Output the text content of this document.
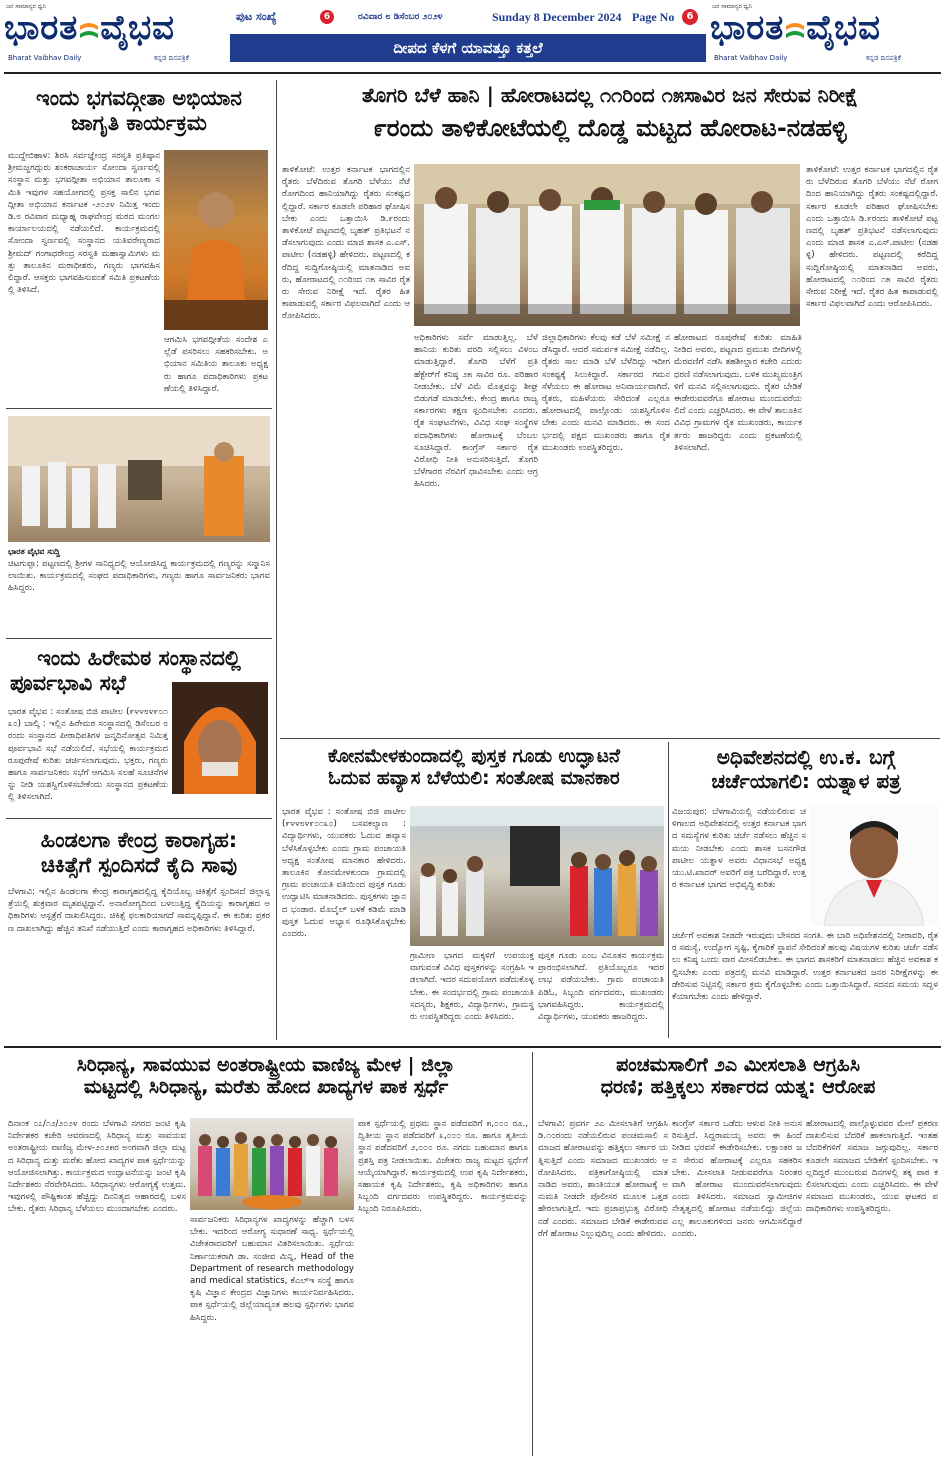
ಜನ ಸಾಮಾನ್ಯರ ಧ್ವನಿ
ಭಾರತ ವೈಭವ
Bharat Vaibhav Daily	ಕನ್ನಡ ದಿನಪತ್ರಿಕೆ
ಪುಟ ಸಂಖ್ಯೆ	6	ರವಿವಾರ ೮ ಡಿಸೆಂಬರ ೨೦೨೪	Sunday 8 December 2024 Page No	6
ದೀಪದ ಕೆಳಗೆ ಯಾವತ್ತೂ ಕತ್ತಲೆ
ಜನ ಸಾಮಾನ್ಯರ ಧ್ವನಿ
ಭಾರತ ವೈಭವ
Bharat Vaibhav Daily	ಕನ್ನಡ ದಿನಪತ್ರಿಕೆ
ಇಂದು ಭಗವದ್ಗೀತಾ ಅಭಿಯಾನ
ಜಾಗೃತಿ ಕಾರ್ಯಕ್ರಮ
ಮುದ್ದೇಬಿಹಾಳ: ಶಿರಸಿ ಸರ್ವಜ್ಞೇಂದ್ರ ಸರಸ್ವತಿ ಪ್ರತಿಷ್ಠಾನ ಶ್ರೀಮಜ್ಜಗದ್ಗುರು ಶಂಕರಾಚಾರ್ಯ ಸೋಂದಾ ಸ್ವರ್ಣವಲ್ಲಿ ಸಂಸ್ಥಾನ ಮತ್ತು ಭಗವದ್ಗೀತಾ ಅಭಿಯಾನ ತಾಲೂಕಾ ಸಮಿತಿ ಇವುಗಳ ಸಹಯೋಗದಲ್ಲಿ ಪ್ರಸಕ್ತ ಸಾಲಿನ ಭಗವದ್ಗೀತಾ ಅಭಿಯಾನ ಕರ್ನಾಟಕ -೨೦೨೪ ನಿಮಿತ್ತ ಇಂದು ಡಿ.೮ ರವಿವಾರ ಮಧ್ಯಾಹ್ನ ರಾಘವೇಂದ್ರ ಮಠದ ಮಂಗಲ ಕಾರ್ಯಾಲಯದಲ್ಲಿ ನಡೆಯಲಿದೆ. ಕಾರ್ಯಕ್ರಮದಲ್ಲಿ ಸೋಂದಾ ಸ್ವರ್ಣವಲ್ಲಿ ಸಂಸ್ಥಾನದ ಯತಿವರೇಣ್ಯರಾದ ಶ್ರೀಮದ್ ಗಂಗಾಧರೇಂದ್ರ ಸರಸ್ವತಿ ಮಹಾಸ್ವಾಮಿಗಳು ಮತ್ತು ತಾಲೂಕಿನ ಮಠಾಧೀಶರು, ಗಣ್ಯರು ಭಾಗವಹಿಸಲಿದ್ದಾರೆ. ಆಸಕ್ತರು ಭಾಗವಹಿಸುವಂತೆ ಸಮಿತಿ ಪ್ರಕಟಣೆಯಲ್ಲಿ ತಿಳಿಸಿದೆ.
ಆಗಮಿಸಿ ಭಗವದ್ಗೀತೆಯ ಸಂದೇಶ ಎಲ್ಲೆಡೆ ಪಸರಿಸಲು ಸಹಕರಿಸಬೇಕು. ಅಭಿಯಾನ ಸಮಿತಿಯ ತಾಲೂಕು ಅಧ್ಯಕ್ಷರು ಹಾಗೂ ಪದಾಧಿಕಾರಿಗಳು ಪ್ರಕಟಣೆಯಲ್ಲಿ ತಿಳಿಸಿದ್ದಾರೆ.
ಭಾರತ ವೈಭವ ಸುದ್ದಿ
ಚಿಟಗುಪ್ಪಾ: ಪಟ್ಟಣದಲ್ಲಿ ಶ್ರೀಗಳ ಸಾನಿಧ್ಯದಲ್ಲಿ ಆಯೋಜಿಸಿದ್ದ ಕಾರ್ಯಕ್ರಮದಲ್ಲಿ ಗಣ್ಯರನ್ನು ಸನ್ಮಾನಿಸಲಾಯಿತು. ಕಾರ್ಯಕ್ರಮದಲ್ಲಿ ಸಂಘದ ಪದಾಧಿಕಾರಿಗಳು, ಗಣ್ಯರು ಹಾಗೂ ಸಾರ್ವಜನಿಕರು ಭಾಗವಹಿಸಿದ್ದರು.
ಇಂದು ಹಿರೇಮಠ ಸಂಸ್ಥಾನದಲ್ಲಿ
ಪೂರ್ವಭಾವಿ ಸಭೆ
ಭಾರತ ವೈಭವ : ಸಂತೋಷ ಬಿಜಿ ಪಾಟೀಲ (೯೪೪೮೪೯೦೧೩೦) ಬಾಲ್ಕಿ : ಇಲ್ಲಿನ ಹಿರೇಮಠ ಸಂಸ್ಥಾನದಲ್ಲಿ ಡಿಸೆಂಬರ ೮ರಂದು ಸಂಸ್ಥಾನದ ಪೀಠಾಧಿಪತಿಗಳ ಜನ್ಮದಿನೋತ್ಸವ ನಿಮಿತ್ತ ಪೂರ್ವಭಾವಿ ಸಭೆ ನಡೆಯಲಿದೆ. ಸಭೆಯಲ್ಲಿ ಕಾರ್ಯಕ್ರಮದ ರೂಪುರೇಷೆ ಕುರಿತು ಚರ್ಚಿಸಲಾಗುವುದು. ಭಕ್ತರು, ಗಣ್ಯರು ಹಾಗೂ ಸಾರ್ವಜನಿಕರು ಸಭೆಗೆ ಆಗಮಿಸಿ ಸಲಹೆ ಸೂಚನೆಗಳನ್ನು ನೀಡಿ ಯಶಸ್ವಿಗೊಳಿಸಬೇಕೆಂದು ಸಂಸ್ಥಾನದ ಪ್ರಕಟಣೆಯಲ್ಲಿ ತಿಳಿಸಲಾಗಿದೆ.
ಹಿಂಡಲಗಾ ಕೇಂದ್ರ ಕಾರಾಗೃಹ:
ಚಿಕಿತ್ಸೆಗೆ ಸ್ಪಂದಿಸದೆ ಕೈದಿ ಸಾವು
ಬೆಳಗಾವಿ: ಇಲ್ಲಿನ ಹಿಂಡಲಗಾ ಕೇಂದ್ರ ಕಾರಾಗೃಹದಲ್ಲಿದ್ದ ಕೈದಿಯೊಬ್ಬ ಚಿಕಿತ್ಸೆಗೆ ಸ್ಪಂದಿಸದೆ ಜಿಲ್ಲಾಸ್ಪತ್ರೆಯಲ್ಲಿ ಶುಕ್ರವಾರ ಮೃತಪಟ್ಟಿದ್ದಾನೆ. ಅನಾರೋಗ್ಯದಿಂದ ಬಳಲುತ್ತಿದ್ದ ಕೈದಿಯನ್ನು ಕಾರಾಗೃಹದ ಅಧಿಕಾರಿಗಳು ಆಸ್ಪತ್ರೆಗೆ ದಾಖಲಿಸಿದ್ದರು. ಚಿಕಿತ್ಸೆ ಫಲಕಾರಿಯಾಗದೆ ಸಾವನ್ನಪ್ಪಿದ್ದಾನೆ. ಈ ಕುರಿತು ಪ್ರಕರಣ ದಾಖಲಾಗಿದ್ದು ಹೆಚ್ಚಿನ ತನಿಖೆ ನಡೆಯುತ್ತಿದೆ ಎಂದು ಕಾರಾಗೃಹದ ಅಧಿಕಾರಿಗಳು ತಿಳಿಸಿದ್ದಾರೆ.
ತೊಗರಿ ಬೆಳೆ ಹಾನಿ | ಹೋರಾಟದಲ್ಲ ೧೧ರಿಂದ ೧೫ಸಾವಿರ ಜನ ಸೇರುವ ನಿರೀಕ್ಷೆ
೯ರಂದು ತಾಳಿಕೋಟೆಯಲ್ಲಿ ದೊಡ್ಡ ಮಟ್ಟದ ಹೋರಾಟ-ನಡಹಳ್ಳಿ
ತಾಳಿಕೋಟೆ: ಉತ್ತರ ಕರ್ನಾಟಕ ಭಾಗದಲ್ಲಿನ ರೈತರು ಬೆಳೆದಿರುವ ತೊಗರಿ ಬೆಳೆಯು ನೆಟೆ ರೋಗದಿಂದ ಹಾನಿಯಾಗಿದ್ದು ರೈತರು ಸಂಕಷ್ಟದಲ್ಲಿದ್ದಾರೆ. ಸರ್ಕಾರ ಕೂಡಲೇ ಪರಿಹಾರ ಘೋಷಿಸಬೇಕು ಎಂದು ಒತ್ತಾಯಿಸಿ ಡಿ.೯ರಂದು ತಾಳಿಕೋಟೆ ಪಟ್ಟಣದಲ್ಲಿ ಬೃಹತ್ ಪ್ರತಿಭಟನೆ ನಡೆಸಲಾಗುವುದು ಎಂದು ಮಾಜಿ ಶಾಸಕ ಎ.ಎಸ್.ಪಾಟೀಲ (ನಡಹಳ್ಳಿ) ಹೇಳಿದರು. ಪಟ್ಟಣದಲ್ಲಿ ಕರೆದಿದ್ದ ಸುದ್ದಿಗೋಷ್ಠಿಯಲ್ಲಿ ಮಾತನಾಡಿದ ಅವರು, ಹೋರಾಟದಲ್ಲಿ ೧೧ರಿಂದ ೧೫ ಸಾವಿರ ರೈತರು ಸೇರುವ ನಿರೀಕ್ಷೆ ಇದೆ. ರೈತರ ಹಿತ ಕಾಪಾಡುವಲ್ಲಿ ಸರ್ಕಾರ ವಿಫಲವಾಗಿದೆ ಎಂದು ಆರೋಪಿಸಿದರು.
ಅಧಿಕಾರಿಗಳು ಸರ್ವೆ ಮಾಡುತ್ತಿಲ್ಲ. ಬೆಳೆ ಹಾನಿಯ ಕುರಿತು ವರದಿ ಸಲ್ಲಿಸಲು ವಿಳಂಬ ಮಾಡುತ್ತಿದ್ದಾರೆ. ತೊಗರಿ ಬೆಳೆಗೆ ಪ್ರತಿ ಹೆಕ್ಟೇರ್‌ಗೆ ಕನಿಷ್ಠ ೨೫ ಸಾವಿರ ರೂ. ಪರಿಹಾರ ನೀಡಬೇಕು. ಬೆಳೆ ವಿಮೆ ಮೊತ್ತವನ್ನು ಶೀಘ್ರ ಬಿಡುಗಡೆ ಮಾಡಬೇಕು. ಕೇಂದ್ರ ಹಾಗೂ ರಾಜ್ಯ ಸರ್ಕಾರಗಳು ತಕ್ಷಣ ಸ್ಪಂದಿಸಬೇಕು ಎಂದರು. ರೈತ ಸಂಘಟನೆಗಳು, ವಿವಿಧ ಸಂಘ ಸಂಸ್ಥೆಗಳ ಪದಾಧಿಕಾರಿಗಳು ಹೋರಾಟಕ್ಕೆ ಬೆಂಬಲ ಸೂಚಿಸಿದ್ದಾರೆ. ಕಾಂಗ್ರೆಸ್ ಸರ್ಕಾರ ರೈತ ವಿರೋಧಿ ನೀತಿ ಅನುಸರಿಸುತ್ತಿದೆ. ತೊಗರಿ ಬೆಳೆಗಾರರ ನೆರವಿಗೆ ಧಾವಿಸಬೇಕು ಎಂದು ಆಗ್ರಹಿಸಿದರು.
ಜಿಲ್ಲಾಧಿಕಾರಿಗಳು ಕೆಲವು ಕಡೆ ಬೆಳೆ ಸಮೀಕ್ಷೆ ನಡೆಸಿದ್ದಾರೆ. ಆದರೆ ಸಮರ್ಪಕ ಸಮೀಕ್ಷೆ ನಡೆದಿಲ್ಲ. ರೈತರು ಸಾಲ ಮಾಡಿ ಬೆಳೆ ಬೆಳೆದಿದ್ದು ಇದೀಗ ಸಂಕಷ್ಟಕ್ಕೆ ಸಿಲುಕಿದ್ದಾರೆ. ಸರ್ಕಾರದ ಗಮನ ಸೆಳೆಯಲು ಈ ಹೋರಾಟ ಅನಿವಾರ್ಯವಾಗಿದೆ. ರೈತರು, ಮಹಿಳೆಯರು ಸೇರಿದಂತೆ ಎಲ್ಲರೂ ಹೋರಾಟದಲ್ಲಿ ಪಾಲ್ಗೊಂಡು ಯಶಸ್ವಿಗೊಳಿಸಬೇಕು ಎಂದು ಮನವಿ ಮಾಡಿದರು. ಈ ಸಂದರ್ಭದಲ್ಲಿ ಪಕ್ಷದ ಮುಖಂಡರು ಹಾಗೂ ರೈತ ಮುಖಂಡರು ಉಪಸ್ಥಿತರಿದ್ದರು.
ಹೋರಾಟದ ರೂಪುರೇಷೆ ಕುರಿತು ಮಾಹಿತಿ ನೀಡಿದ ಅವರು, ಪಟ್ಟಣದ ಪ್ರಮುಖ ಬೀದಿಗಳಲ್ಲಿ ಮೆರವಣಿಗೆ ನಡೆಸಿ ತಹಶೀಲ್ದಾರ ಕಚೇರಿ ಎದುರು ಧರಣಿ ನಡೆಸಲಾಗುವುದು. ಬಳಿಕ ಮುಖ್ಯಮಂತ್ರಿಗಳಿಗೆ ಮನವಿ ಸಲ್ಲಿಸಲಾಗುವುದು. ರೈತರ ಬೇಡಿಕೆ ಈಡೇರುವವರೆಗೂ ಹೋರಾಟ ಮುಂದುವರೆಯಲಿದೆ ಎಂದು ಎಚ್ಚರಿಸಿದರು. ಈ ವೇಳೆ ತಾಲೂಕಿನ ವಿವಿಧ ಗ್ರಾಮಗಳ ರೈತ ಮುಖಂಡರು, ಕಾರ್ಯಕರ್ತರು ಹಾಜರಿದ್ದರು ಎಂದು ಪ್ರಕಟಣೆಯಲ್ಲಿ ತಿಳಿಸಲಾಗಿದೆ.
ತಾಳಿಕೋಟೆ: ಉತ್ತರ ಕರ್ನಾಟಕ ಭಾಗದಲ್ಲಿನ ರೈತರು ಬೆಳೆದಿರುವ ತೊಗರಿ ಬೆಳೆಯು ನೆಟೆ ರೋಗದಿಂದ ಹಾನಿಯಾಗಿದ್ದು ರೈತರು ಸಂಕಷ್ಟದಲ್ಲಿದ್ದಾರೆ. ಸರ್ಕಾರ ಕೂಡಲೇ ಪರಿಹಾರ ಘೋಷಿಸಬೇಕು ಎಂದು ಒತ್ತಾಯಿಸಿ ಡಿ.೯ರಂದು ತಾಳಿಕೋಟೆ ಪಟ್ಟಣದಲ್ಲಿ ಬೃಹತ್ ಪ್ರತಿಭಟನೆ ನಡೆಸಲಾಗುವುದು ಎಂದು ಮಾಜಿ ಶಾಸಕ ಎ.ಎಸ್.ಪಾಟೀಲ (ನಡಹಳ್ಳಿ) ಹೇಳಿದರು. ಪಟ್ಟಣದಲ್ಲಿ ಕರೆದಿದ್ದ ಸುದ್ದಿಗೋಷ್ಠಿಯಲ್ಲಿ ಮಾತನಾಡಿದ ಅವರು, ಹೋರಾಟದಲ್ಲಿ ೧೧ರಿಂದ ೧೫ ಸಾವಿರ ರೈತರು ಸೇರುವ ನಿರೀಕ್ಷೆ ಇದೆ. ರೈತರ ಹಿತ ಕಾಪಾಡುವಲ್ಲಿ ಸರ್ಕಾರ ವಿಫಲವಾಗಿದೆ ಎಂದು ಆರೋಪಿಸಿದರು.
ಕೋನಮೇಳಕುಂದಾದಲ್ಲಿ ಪುಸ್ತಕ ಗೂಡು ಉದ್ಘಾಟನೆ
ಓದುವ ಹವ್ಯಾಸ ಬೆಳೆಯಲಿ: ಸಂತೋಷ ಮಾನಕಾರ
ಭಾರತ ವೈಭವ : ಸಂತೋಷ ಬಿಜಿ ಪಾಟೀಲ (೯೪೪೮೪೯೦೧೩೦) ಬಸವಕಲ್ಯಾಣ : ವಿದ್ಯಾರ್ಥಿಗಳು, ಯುವಕರು ಓದುವ ಹವ್ಯಾಸ ಬೆಳೆಸಿಕೊಳ್ಳಬೇಕು ಎಂದು ಗ್ರಾಮ ಪಂಚಾಯತಿ ಅಧ್ಯಕ್ಷ ಸಂತೋಷ ಮಾನಕಾರ ಹೇಳಿದರು. ತಾಲೂಕಿನ ಕೋನಮೇಳಕುಂದಾ ಗ್ರಾಮದಲ್ಲಿ ಗ್ರಾಮ ಪಂಚಾಯತಿ ವತಿಯಿಂದ ಪುಸ್ತಕ ಗೂಡು ಉದ್ಘಾಟಿಸಿ ಮಾತನಾಡಿದರು. ಪುಸ್ತಕಗಳು ಜ್ಞಾನದ ಭಂಡಾರ. ಮೊಬೈಲ್ ಬಳಕೆ ಕಡಿಮೆ ಮಾಡಿ ಪುಸ್ತಕ ಓದುವ ಅಭ್ಯಾಸ ರೂಢಿಸಿಕೊಳ್ಳಬೇಕು ಎಂದರು.
ಗ್ರಾಮೀಣ ಭಾಗದ ಮಕ್ಕಳಿಗೆ ಉಪಯುಕ್ತವಾಗುವಂತೆ ವಿವಿಧ ಪುಸ್ತಕಗಳನ್ನು ಸಂಗ್ರಹಿಸಿ ಇಡಲಾಗಿದೆ. ಇದರ ಸದುಪಯೋಗ ಪಡೆದುಕೊಳ್ಳಬೇಕು. ಈ ಸಂದರ್ಭದಲ್ಲಿ ಗ್ರಾಮ ಪಂಚಾಯತಿ ಸದಸ್ಯರು, ಶಿಕ್ಷಕರು, ವಿದ್ಯಾರ್ಥಿಗಳು, ಗ್ರಾಮಸ್ಥರು ಉಪಸ್ಥಿತರಿದ್ದರು ಎಂದು ತಿಳಿಸಿದರು.
ಪುಸ್ತಕ ಗೂಡು ಎಂಬ ವಿನೂತನ ಕಾರ್ಯಕ್ರಮ ಪ್ರಾರಂಭಿಸಲಾಗಿದೆ. ಪ್ರತಿಯೊಬ್ಬರೂ ಇದರ ಲಾಭ ಪಡೆಯಬೇಕು. ಗ್ರಾಮ ಪಂಚಾಯತಿ ಪಿಡಿಓ, ಸಿಬ್ಬಂದಿ ವರ್ಗದವರು, ಮುಖಂಡರು ಭಾಗವಹಿಸಿದ್ದರು. ಕಾರ್ಯಕ್ರಮದಲ್ಲಿ ವಿದ್ಯಾರ್ಥಿಗಳು, ಯುವಕರು ಹಾಜರಿದ್ದರು.
ಅಧಿವೇಶನದಲ್ಲಿ ಉ.ಕ. ಬಗ್ಗೆ
ಚರ್ಚೆಯಾಗಲಿ: ಯತ್ನಾಳ ಪತ್ರ
ವಿಜಯಪುರ: ಬೆಳಗಾವಿಯಲ್ಲಿ ನಡೆಯಲಿರುವ ಚಳಿಗಾಲದ ಅಧಿವೇಶನದಲ್ಲಿ ಉತ್ತರ ಕರ್ನಾಟಕ ಭಾಗದ ಸಮಸ್ಯೆಗಳ ಕುರಿತು ಚರ್ಚೆ ನಡೆಸಲು ಹೆಚ್ಚಿನ ಸಮಯ ನೀಡಬೇಕು ಎಂದು ಶಾಸಕ ಬಸನಗೌಡ ಪಾಟೀಲ ಯತ್ನಾಳ ಅವರು ವಿಧಾನಸಭೆ ಅಧ್ಯಕ್ಷ ಯು.ಟಿ.ಖಾದರ್ ಅವರಿಗೆ ಪತ್ರ ಬರೆದಿದ್ದಾರೆ. ಉತ್ತರ ಕರ್ನಾಟಕ ಭಾಗದ ಅಭಿವೃದ್ಧಿ ಕುರಿತು
ಚರ್ಚೆಗೆ ಅವಕಾಶ ನೀಡದೇ ಇರುವುದು ಬೇಸರದ ಸಂಗತಿ. ಈ ಬಾರಿ ಅಧಿವೇಶನದಲ್ಲಿ ನೀರಾವರಿ, ರೈತರ ಸಮಸ್ಯೆ, ಉದ್ಯೋಗ ಸೃಷ್ಟಿ, ಕೈಗಾರಿಕೆ ಸ್ಥಾಪನೆ ಸೇರಿದಂತೆ ಹಲವು ವಿಷಯಗಳ ಕುರಿತು ಚರ್ಚೆ ನಡೆಸಲು ಕನಿಷ್ಠ ಒಂದು ವಾರ ಮೀಸಲಿಡಬೇಕು. ಈ ಭಾಗದ ಶಾಸಕರಿಗೆ ಮಾತನಾಡಲು ಹೆಚ್ಚಿನ ಅವಕಾಶ ಕಲ್ಪಿಸಬೇಕು ಎಂದು ಪತ್ರದಲ್ಲಿ ಮನವಿ ಮಾಡಿದ್ದಾರೆ. ಉತ್ತರ ಕರ್ನಾಟಕದ ಜನರ ನಿರೀಕ್ಷೆಗಳನ್ನು ಈಡೇರಿಸುವ ನಿಟ್ಟಿನಲ್ಲಿ ಸರ್ಕಾರ ಕ್ರಮ ಕೈಗೊಳ್ಳಬೇಕು ಎಂದು ಒತ್ತಾಯಿಸಿದ್ದಾರೆ. ಸದನದ ಸಮಯ ಸದ್ಬಳಕೆಯಾಗಬೇಕು ಎಂದು ಹೇಳಿದ್ದಾರೆ.
ಸಿರಿಧಾನ್ಯ, ಸಾವಯುವ ಅಂತರಾಷ್ಟ್ರೀಯ ವಾಣಿಜ್ಯ ಮೇಳ | ಜಿಲ್ಲಾ
ಮಟ್ಟದಲ್ಲಿ ಸಿರಿಧಾನ್ಯ, ಮರೆತು ಹೋದ ಖಾದ್ಯಗಳ ಪಾಕ ಸ್ಪರ್ಧೆ
ದಿನಾಂಕ ೦೭/೧೨/೨೦೨೪ ರಂದು ಬೆಳಗಾವಿ ನಗರದ ಜಂಟಿ ಕೃಷಿ ನಿರ್ದೇಶಕರ ಕಚೇರಿ ಆವರಣದಲ್ಲಿ ಸಿರಿಧಾನ್ಯ ಮತ್ತು ಸಾವಯವ ಅಂತರಾಷ್ಟ್ರೀಯ ವಾಣಿಜ್ಯ ಮೇಳ-೨೦೨೫ರ ಅಂಗವಾಗಿ ಜಿಲ್ಲಾ ಮಟ್ಟದ ಸಿರಿಧಾನ್ಯ ಮತ್ತು ಮರೆತು ಹೋದ ಖಾದ್ಯಗಳ ಪಾಕ ಸ್ಪರ್ಧೆಯನ್ನು ಆಯೋಜಿಸಲಾಗಿತ್ತು. ಕಾರ್ಯಕ್ರಮದ ಉದ್ಘಾಟನೆಯನ್ನು ಜಂಟಿ ಕೃಷಿ ನಿರ್ದೇಶಕರು ನೆರವೇರಿಸಿದರು. ಸಿರಿಧಾನ್ಯಗಳು ಆರೋಗ್ಯಕ್ಕೆ ಉತ್ತಮ. ಇವುಗಳಲ್ಲಿ ಪೌಷ್ಟಿಕಾಂಶ ಹೆಚ್ಚಿದ್ದು ದಿನನಿತ್ಯದ ಆಹಾರದಲ್ಲಿ ಬಳಸಬೇಕು. ರೈತರು ಸಿರಿಧಾನ್ಯ ಬೆಳೆಯಲು ಮುಂದಾಗಬೇಕು ಎಂದರು.
ಸಾರ್ವಜನಿಕರು ಸಿರಿಧಾನ್ಯಗಳ ಖಾದ್ಯಗಳನ್ನು ಹೆಚ್ಚಾಗಿ ಬಳಸಬೇಕು. ಇದರಿಂದ ಆರೋಗ್ಯ ಸುಧಾರಣೆ ಸಾಧ್ಯ. ಸ್ಪರ್ಧೆಯಲ್ಲಿ ವಿಜೇತರಾದವರಿಗೆ ಬಹುಮಾನ ವಿತರಿಸಲಾಯಿತು. ಸ್ಪರ್ಧೆಯ ನಿರ್ಣಾಯಕರಾಗಿ ಡಾ. ಸಂಜೀವ ಮಿನ್ನಿ, Head of the Department of research methodology and medical statistics, ಕೆಎಲ್ಇ ಸಂಸ್ಥೆ ಹಾಗೂ ಕೃಷಿ ವಿಜ್ಞಾನ ಕೇಂದ್ರದ ವಿಜ್ಞಾನಿಗಳು ಕಾರ್ಯನಿರ್ವಹಿಸಿದರು. ಪಾಕ ಸ್ಪರ್ಧೆಯಲ್ಲಿ ಜಿಲ್ಲೆಯಾದ್ಯಂತ ಹಲವು ಸ್ಪರ್ಧಿಗಳು ಭಾಗವಹಿಸಿದ್ದರು.
ಪಾಕ ಸ್ಪರ್ಧೆಯಲ್ಲಿ ಪ್ರಥಮ ಸ್ಥಾನ ಪಡೆದವರಿಗೆ ೫,೦೦೦ ರೂ., ದ್ವಿತೀಯ ಸ್ಥಾನ ಪಡೆದವರಿಗೆ ೩,೦೦೦ ರೂ. ಹಾಗೂ ತೃತೀಯ ಸ್ಥಾನ ಪಡೆದವರಿಗೆ ೨,೦೦೦ ರೂ. ನಗದು ಬಹುಮಾನ ಹಾಗೂ ಪ್ರಶಸ್ತಿ ಪತ್ರ ನೀಡಲಾಯಿತು. ವಿಜೇತರು ರಾಜ್ಯ ಮಟ್ಟದ ಸ್ಪರ್ಧೆಗೆ ಆಯ್ಕೆಯಾಗಿದ್ದಾರೆ. ಕಾರ್ಯಕ್ರಮದಲ್ಲಿ ಉಪ ಕೃಷಿ ನಿರ್ದೇಶಕರು, ಸಹಾಯಕ ಕೃಷಿ ನಿರ್ದೇಶಕರು, ಕೃಷಿ ಅಧಿಕಾರಿಗಳು ಹಾಗೂ ಸಿಬ್ಬಂದಿ ವರ್ಗದವರು ಉಪಸ್ಥಿತರಿದ್ದರು. ಕಾರ್ಯಕ್ರಮವನ್ನು ಸಿಬ್ಬಂದಿ ನಿರೂಪಿಸಿದರು.
ಪಂಚಮಸಾಲಿಗೆ ೨ಎ ಮೀಸಲಾತಿ ಆಗ್ರಹಿಸಿ
ಧರಣಿ; ಹತ್ತಿಕ್ಕಲು ಸರ್ಕಾರದ ಯತ್ನ: ಆರೋಪ
ಬೆಳಗಾವಿ: ಪ್ರವರ್ಗ ೨ಎ ಮೀಸಲಾತಿಗೆ ಆಗ್ರಹಿಸಿ ಡಿ.೧೦ರಂದು ನಡೆಯಲಿರುವ ಪಂಚಮಸಾಲಿ ಸಮಾಜದ ಹೋರಾಟವನ್ನು ಹತ್ತಿಕ್ಕಲು ಸರ್ಕಾರ ಯತ್ನಿಸುತ್ತಿದೆ ಎಂದು ಸಮಾಜದ ಮುಖಂಡರು ಆರೋಪಿಸಿದರು. ಪತ್ರಿಕಾಗೋಷ್ಠಿಯಲ್ಲಿ ಮಾತನಾಡಿದ ಅವರು, ಶಾಂತಿಯುತ ಹೋರಾಟಕ್ಕೆ ಅನುಮತಿ ನೀಡದೇ ಪೊಲೀಸರ ಮೂಲಕ ಒತ್ತಡ ಹೇರಲಾಗುತ್ತಿದೆ. ಇದು ಪ್ರಜಾಪ್ರಭುತ್ವ ವಿರೋಧಿ ನಡೆ ಎಂದರು. ಸಮಾಜದ ಬೇಡಿಕೆ ಈಡೇರುವವರೆಗೆ ಹೋರಾಟ ನಿಲ್ಲುವುದಿಲ್ಲ ಎಂದು ಹೇಳಿದರು.
ಕಾಂಗ್ರೆಸ್ ಸರ್ಕಾರ ಒಡೆದು ಆಳುವ ನೀತಿ ಅನುಸರಿಸುತ್ತಿದೆ. ಸಿದ್ದರಾಮಯ್ಯ ಅವರು ಈ ಹಿಂದೆ ನೀಡಿದ ಭರವಸೆ ಈಡೇರಿಸಬೇಕು. ಲಕ್ಷಾಂತರ ಜನ ಸೇರುವ ಹೋರಾಟಕ್ಕೆ ಎಲ್ಲರೂ ಸಹಕರಿಸಬೇಕು. ಮೀಸಲಾತಿ ನೀಡುವವರೆಗೂ ನಿರಂತರವಾಗಿ ಹೋರಾಟ ಮುಂದುವರೆಸಲಾಗುವುದು ಎಂದು ತಿಳಿಸಿದರು. ಸಮಾಜದ ಸ್ವಾಮೀಜಿಗಳ ನೇತೃತ್ವದಲ್ಲಿ ಹೋರಾಟ ನಡೆಯಲಿದ್ದು ಜಿಲ್ಲೆಯ ಎಲ್ಲ ತಾಲೂಕುಗಳಿಂದ ಜನರು ಆಗಮಿಸಲಿದ್ದಾರೆ ಎಂದರು.
ಹೋರಾಟದಲ್ಲಿ ಪಾಲ್ಗೊಳ್ಳುವವರ ಮೇಲೆ ಪ್ರಕರಣ ದಾಖಲಿಸುವ ಬೆದರಿಕೆ ಹಾಕಲಾಗುತ್ತಿದೆ. ಇಂತಹ ಬೆದರಿಕೆಗಳಿಗೆ ಸಮಾಜ ಜಗ್ಗುವುದಿಲ್ಲ. ಸರ್ಕಾರ ಕೂಡಲೇ ಸಮಾಜದ ಬೇಡಿಕೆಗೆ ಸ್ಪಂದಿಸಬೇಕು. ಇಲ್ಲದಿದ್ದರೆ ಮುಂಬರುವ ದಿನಗಳಲ್ಲಿ ತಕ್ಕ ಪಾಠ ಕಲಿಸಲಾಗುವುದು ಎಂದು ಎಚ್ಚರಿಸಿದರು. ಈ ವೇಳೆ ಸಮಾಜದ ಮುಖಂಡರು, ಯುವ ಘಟಕದ ಪದಾಧಿಕಾರಿಗಳು ಉಪಸ್ಥಿತರಿದ್ದರು.
